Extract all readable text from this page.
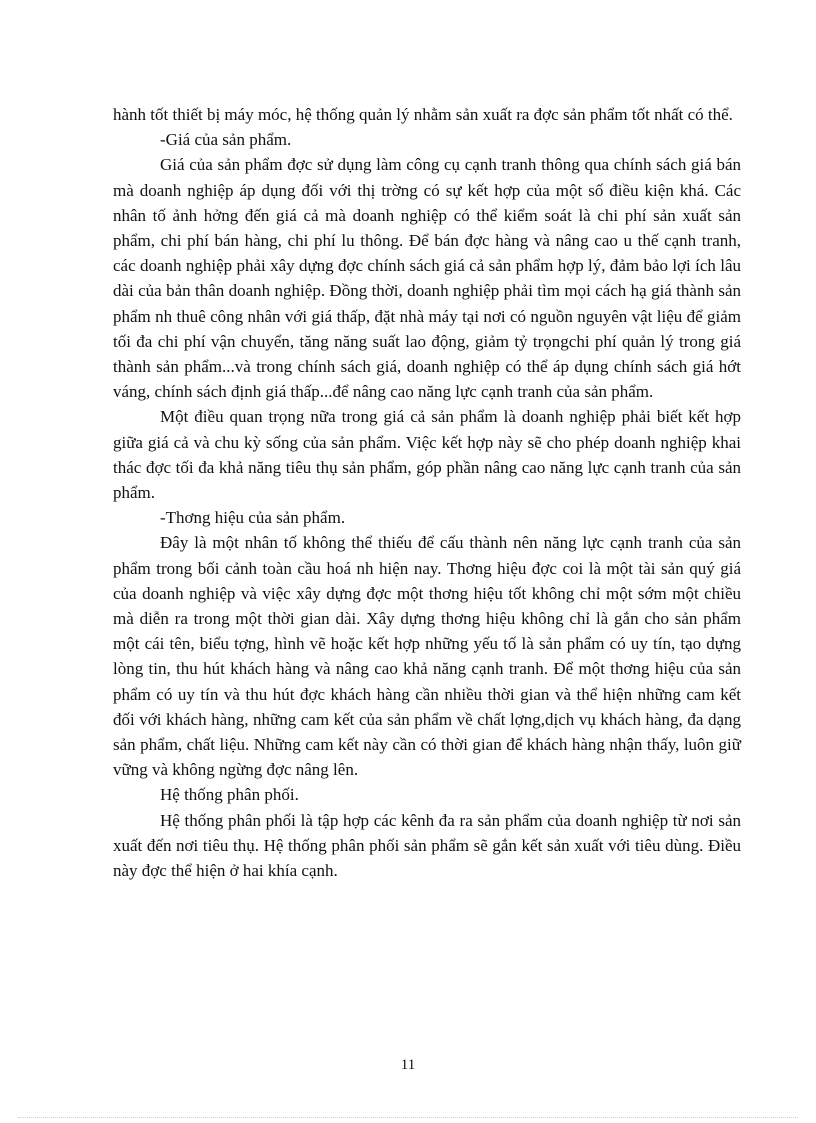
hành tốt thiết bị máy móc, hệ thống quản lý nhằm sản xuất ra đợc sản phẩm tốt nhất có thể.

-Giá của sản phẩm.

Giá của sản phẩm đợc sử dụng làm công cụ cạnh tranh thông qua chính sách giá bán mà doanh nghiệp áp dụng đối với thị trờng có sự kết hợp của một số điều kiện khá. Các nhân tố ảnh hởng đến giá cả mà doanh nghiệp có thể kiểm soát là chi phí sản xuất sản phẩm, chi phí bán hàng, chi phí lu thông. Để bán đợc hàng và nâng cao u thế cạnh tranh, các doanh nghiệp phải xây dựng đợc chính sách giá cả sản phẩm hợp lý, đảm bảo lợi ích lâu dài của bản thân doanh nghiệp. Đồng thời, doanh nghiệp phải tìm mọi cách hạ giá thành sản phẩm nh thuê công nhân với giá thấp, đặt nhà máy tại nơi có nguồn nguyên vật liệu để giảm tối đa chi phí vận chuyển, tăng năng suất lao động, giảm tỷ trọngchi phí quản lý trong giá thành sản phẩm...và trong chính sách giá, doanh nghiệp có thể áp dụng chính sách giá hớt váng, chính sách định giá thấp...để nâng cao năng lực cạnh tranh của sản phẩm.

Một điều quan trọng nữa trong giá cả sản phẩm là doanh nghiệp phải biết kết hợp giữa giá cả và chu kỳ sống của sản phẩm. Việc kết hợp này sẽ cho phép doanh nghiệp khai thác đợc tối đa khả năng tiêu thụ sản phẩm, góp phần nâng cao năng lực cạnh tranh của sản phẩm.

-Thơng hiệu của sản phẩm.

Đây là một nhân tố không thể thiếu để cấu thành nên năng lực cạnh tranh của sản phẩm trong bối cảnh toàn cầu hoá nh hiện nay. Thơng hiệu đợc coi là một tài sản quý giá của doanh nghiệp và việc xây dựng đợc một thơng hiệu tốt không chỉ một sớm một chiều mà diễn ra trong một thời gian dài. Xây dựng thơng hiệu không chỉ là gắn cho sản phẩm một cái tên, biểu tợng, hình vẽ hoặc kết hợp những yếu tố là sản phẩm có uy tín, tạo dựng lòng tin, thu hút khách hàng và nâng cao khả năng cạnh tranh. Để một thơng hiệu của sản phẩm có uy tín và thu hút đợc khách hàng cần nhiều thời gian và thể hiện những cam kết đối với khách hàng, những cam kết của sản phẩm về chất lợng,dịch vụ khách hàng, đa dạng sản phẩm, chất liệu. Những cam kết này cần có thời gian để khách hàng nhận thấy, luôn giữ vững và không ngừng đợc nâng lên.

Hệ thống phân phối.

Hệ thống phân phối là tập hợp các kênh đa ra sản phẩm của doanh nghiệp từ nơi sản xuất đến nơi tiêu thụ. Hệ thống phân phối sản phẩm sẽ gắn kết sản xuất với tiêu dùng. Điều này đợc thể hiện ở hai khía cạnh.

11
